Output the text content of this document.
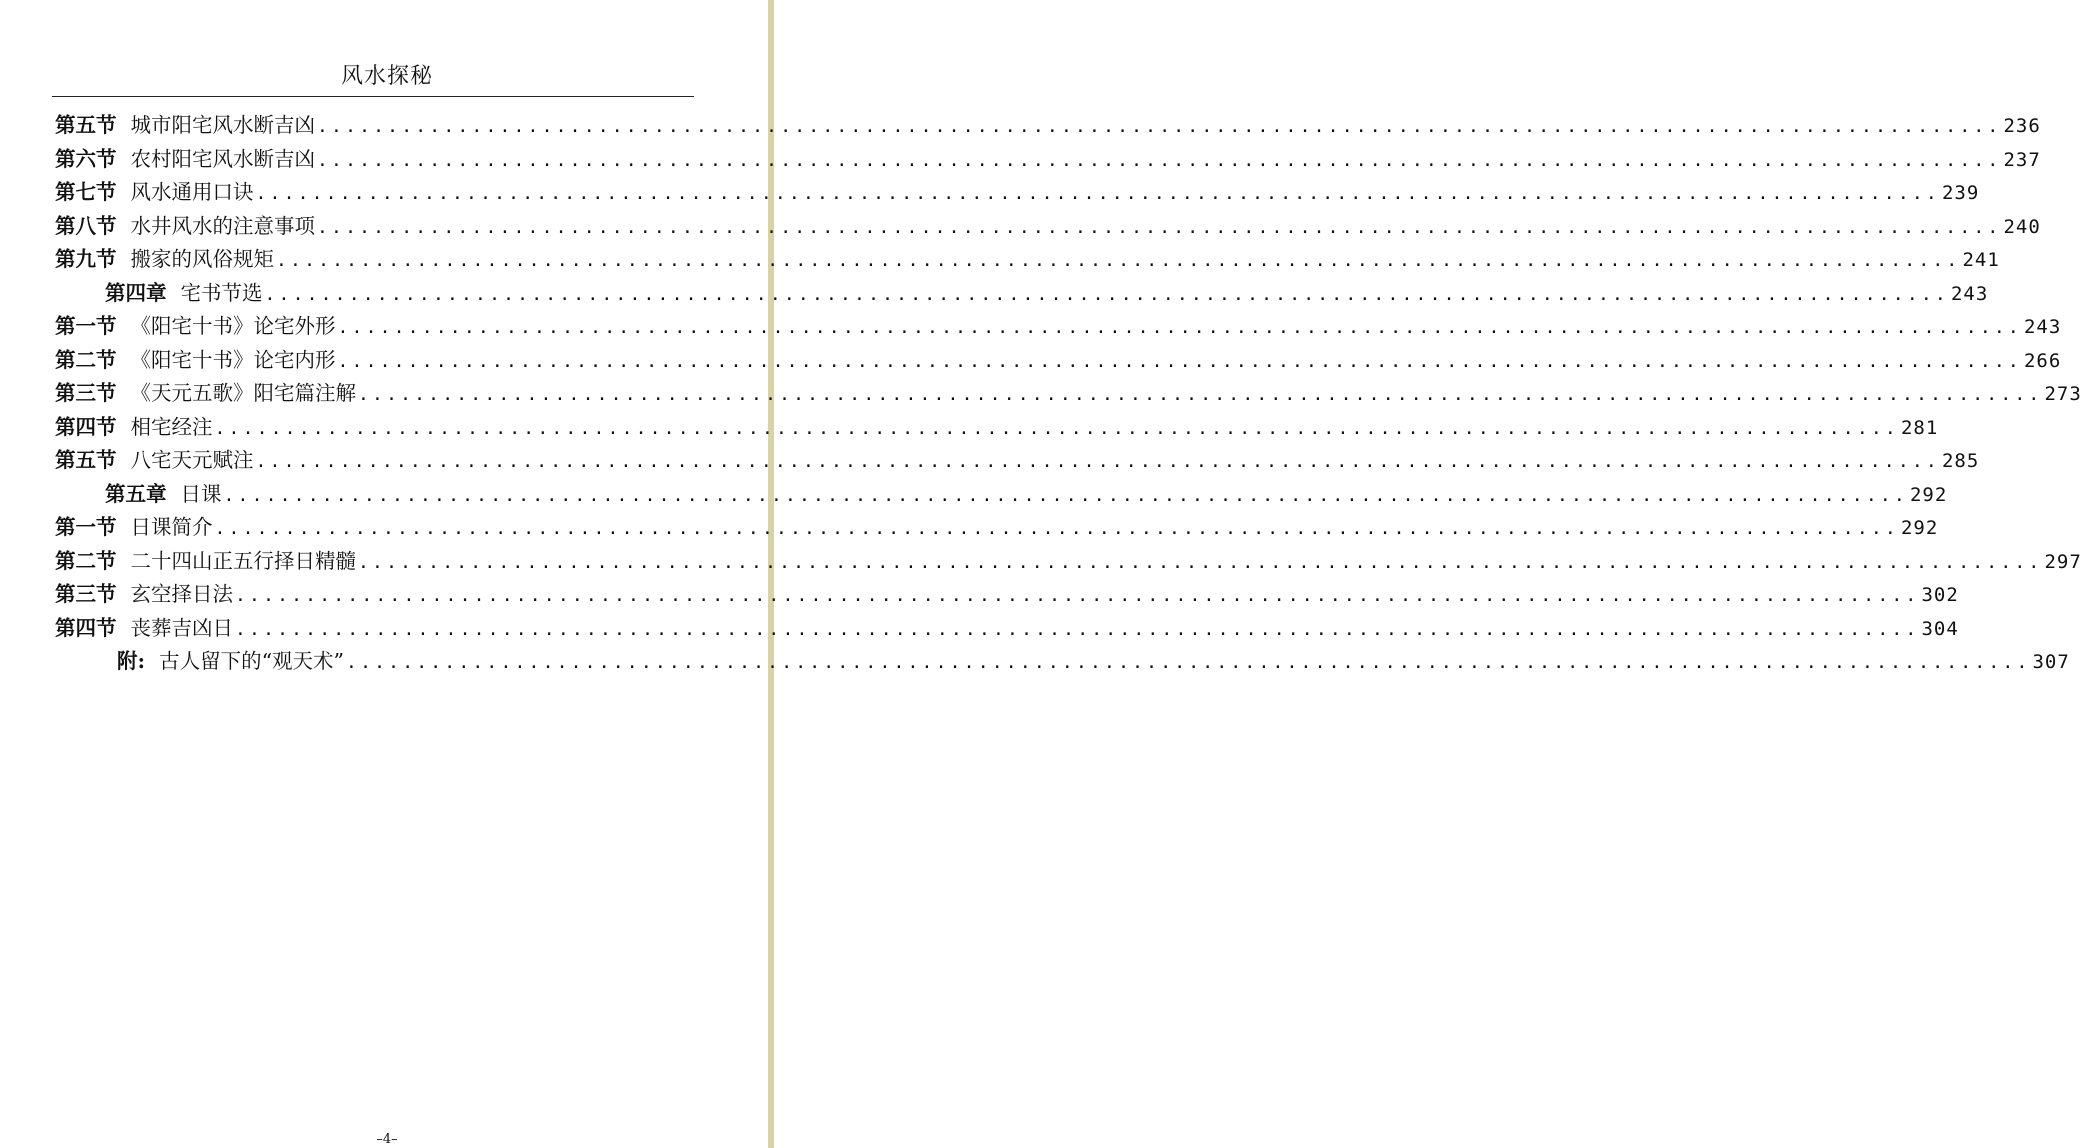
风水探秘
第五节 城市阳宅风水断吉凶 ........................................................................................................................ 236
第六节 农村阳宅风水断吉凶 ........................................................................................................................ 237
第七节 风水通用口诀 ........................................................................................................................ 239
第八节 水井风水的注意事项 ........................................................................................................................ 240
第九节 搬家的风俗规矩 ........................................................................................................................ 241
第四章 宅书节选 ........................................................................................................................ 243
第一节 《阳宅十书》论宅外形 ........................................................................................................................ 243
第二节 《阳宅十书》论宅内形 ........................................................................................................................ 266
第三节 《天元五歌》阳宅篇注解 ........................................................................................................................ 273
第四节 相宅经注 ........................................................................................................................ 281
第五节 八宅天元赋注 ........................................................................................................................ 285
第五章 日课 ........................................................................................................................ 292
第一节 日课简介 ........................................................................................................................ 292
第二节 二十四山正五行择日精髓 ........................................................................................................................ 297
第三节 玄空择日法 ........................................................................................................................ 302
第四节 丧葬吉凶日 ........................................................................................................................ 304
附: 古人留下的“观天术” ........................................................................................................................ 307
–4–
